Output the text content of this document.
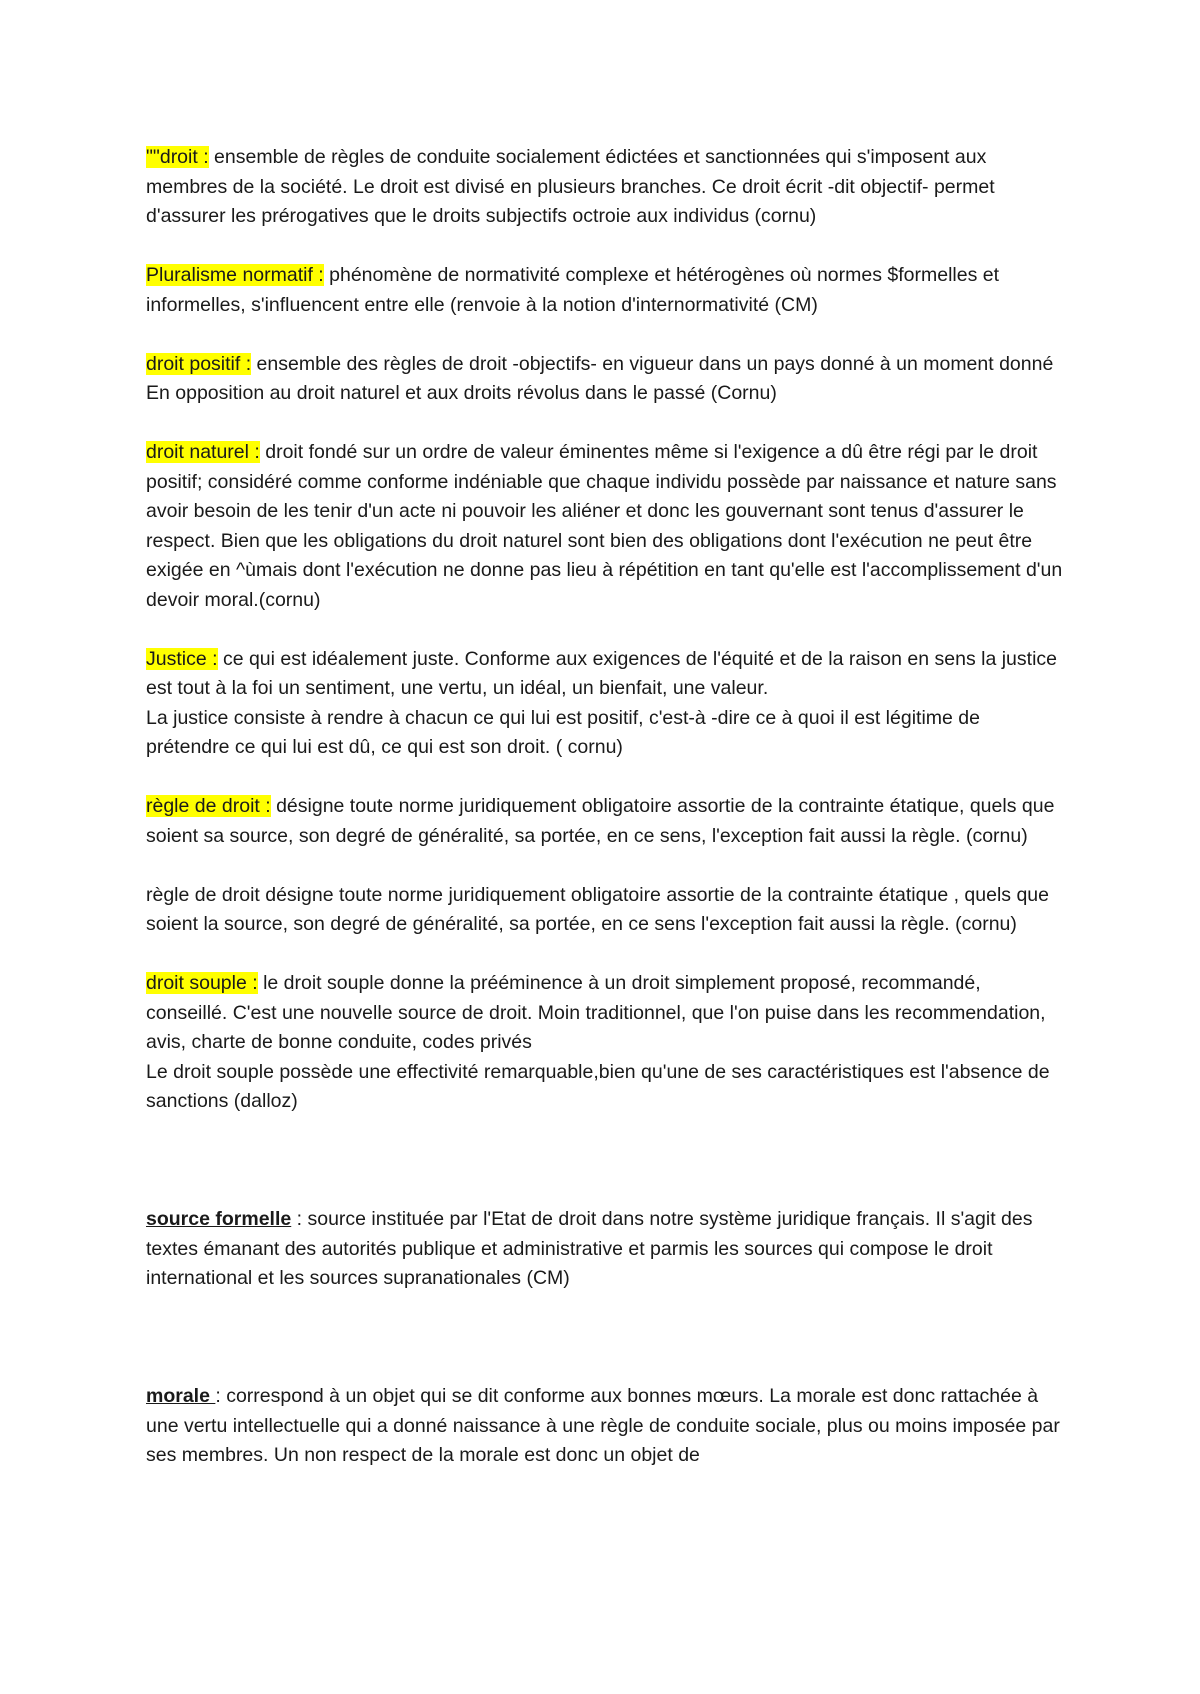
""droit : ensemble de règles de conduite socialement édictées et sanctionnées qui s'imposent aux membres de la société. Le droit est divisé en plusieurs branches. Ce droit écrit -dit objectif- permet d'assurer les prérogatives que le droits subjectifs octroie aux individus (cornu)

Pluralisme normatif : phénomène de normativité complexe et hétérogènes où normes $formelles et informelles, s'influencent entre elle (renvoie à la notion d'internormativité (CM)

droit positif : ensemble des règles de droit -objectifs- en vigueur dans un pays donné à un moment donné En opposition au droit naturel et aux droits révolus dans le passé (Cornu)

droit naturel : droit fondé sur un ordre de valeur éminentes même si l'exigence a dû être régi par le droit positif; considéré comme conforme indéniable que chaque individu possède par naissance et nature sans avoir besoin de les tenir d'un acte ni pouvoir les aliéner et donc les gouvernant sont tenus d'assurer le respect. Bien que les obligations du droit naturel sont bien des obligations dont l'exécution ne peut être exigée en ^ùmais dont l'exécution ne donne pas lieu à répétition en tant qu'elle est l'accomplissement d'un devoir moral.(cornu)

Justice : ce qui est idéalement juste. Conforme aux exigences de l'équité et de la raison en sens la justice est tout à la foi un sentiment, une vertu, un idéal, un bienfait, une valeur.

La justice consiste à rendre à chacun ce qui lui est positif, c'est-à -dire ce à quoi il est légitime de prétendre ce qui lui est dû, ce qui est son droit. ( cornu)

règle de droit : désigne toute norme juridiquement obligatoire assortie de la contrainte étatique, quels que soient sa source, son degré de généralité, sa portée, en ce sens, l'exception fait aussi la règle. (cornu)

règle de droit désigne toute norme juridiquement obligatoire assortie de la contrainte étatique , quels que soient la source, son degré de généralité, sa portée, en ce sens l'exception fait aussi la règle. (cornu)

droit souple : le droit souple donne la prééminence à un droit simplement proposé, recommandé, conseillé. C'est une nouvelle source de droit. Moin traditionnel, que l'on puise dans les recommendation, avis, charte de bonne conduite, codes privés

Le droit souple possède une effectivité remarquable,bien qu'une de ses caractéristiques est l'absence de sanctions (dalloz)

source formelle : source instituée par l'Etat de droit dans notre système juridique français. Il s'agit des textes émanant des autorités publique et administrative et parmis les sources qui compose le droit international et les sources supranationales (CM)

morale : correspond à un objet qui se dit conforme aux bonnes mœurs. La morale est donc rattachée à une vertu intellectuelle qui a donné naissance à une règle de conduite sociale, plus ou moins imposée par ses membres. Un non respect de la morale est donc un objet de
